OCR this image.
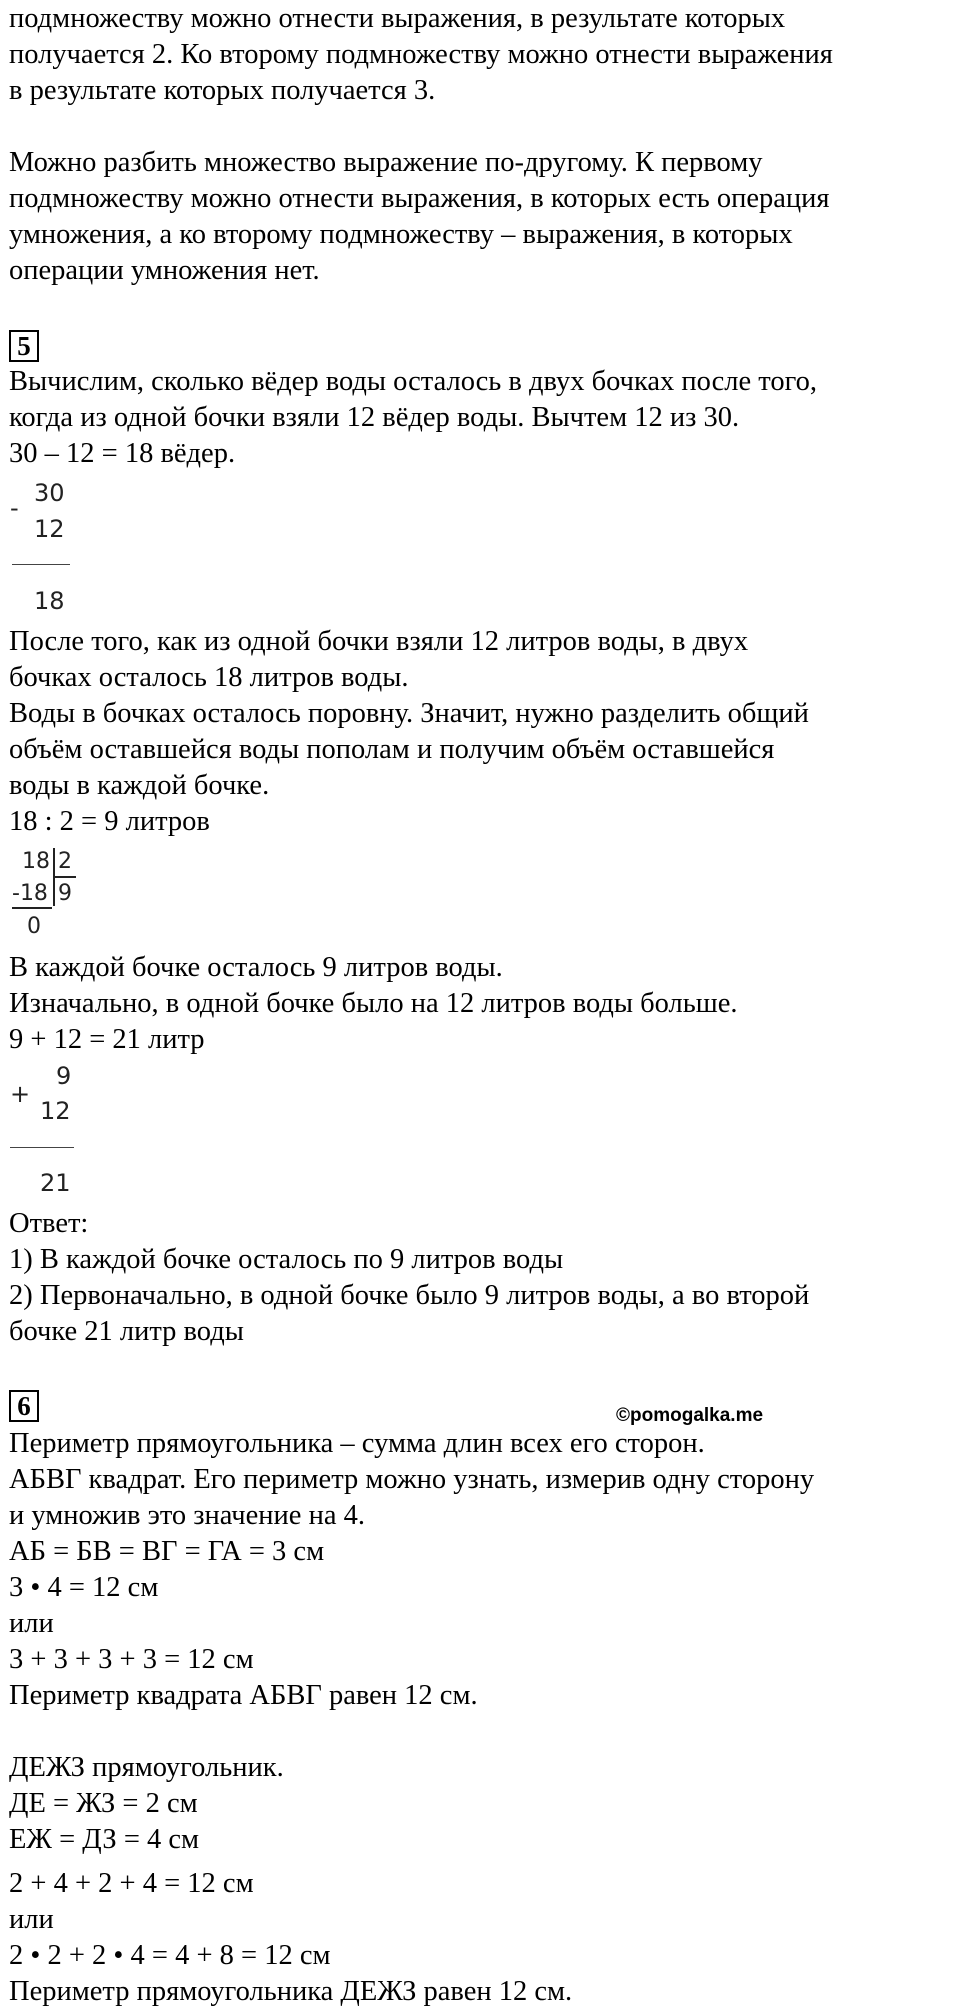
подмножеству можно отнести выражения, в результате которых
получается 2. Ко второму подмножеству можно отнести выражения
в результате которых получается 3.
Можно разбить множество выражение по-другому. К первому
подмножеству можно отнести выражения, в которых есть операция
умножения, а ко второму подмножеству – выражения, в которых
операции умножения нет.
5
Вычислим, сколько вёдер воды осталось в двух бочках после того,
когда из одной бочки взяли 12 вёдер воды. Вычтем 12 из 30.
30 – 12 = 18 вёдер.
-
30
12
18
После того, как из одной бочки взяли 12 литров воды, в двух
бочках осталось 18 литров воды.
Воды в бочках осталось поровну. Значит, нужно разделить общий
объём оставшейся воды пополам и получим объём оставшейся
воды в каждой бочке.
18 : 2 = 9 литров
18 2
-18 9
0
В каждой бочке осталось 9 литров воды.
Изначально, в одной бочке было на 12 литров воды больше.
9 + 12 = 21 литр
9
+
12
21
Ответ:
1) В каждой бочке осталось по 9 литров воды
2) Первоначально, в одной бочке было 9 литров воды, а во второй
бочке 21 литр воды
6	©pomogalka.me
Периметр прямоугольника – сумма длин всех его сторон.
АБВГ квадрат. Его периметр можно узнать, измерив одну сторону
и умножив это значение на 4.
АБ = БВ = ВГ = ГА = 3 см
3 • 4 = 12 см
или
3 + 3 + 3 + 3 = 12 см
Периметр квадрата АБВГ равен 12 см.
ДЕЖЗ прямоугольник.
ДЕ = ЖЗ = 2 см
ЕЖ = ДЗ = 4 см
2 + 4 + 2 + 4 = 12 см
или
2 • 2 + 2 • 4 = 4 + 8 = 12 см
Периметр прямоугольника ДЕЖЗ равен 12 см.
